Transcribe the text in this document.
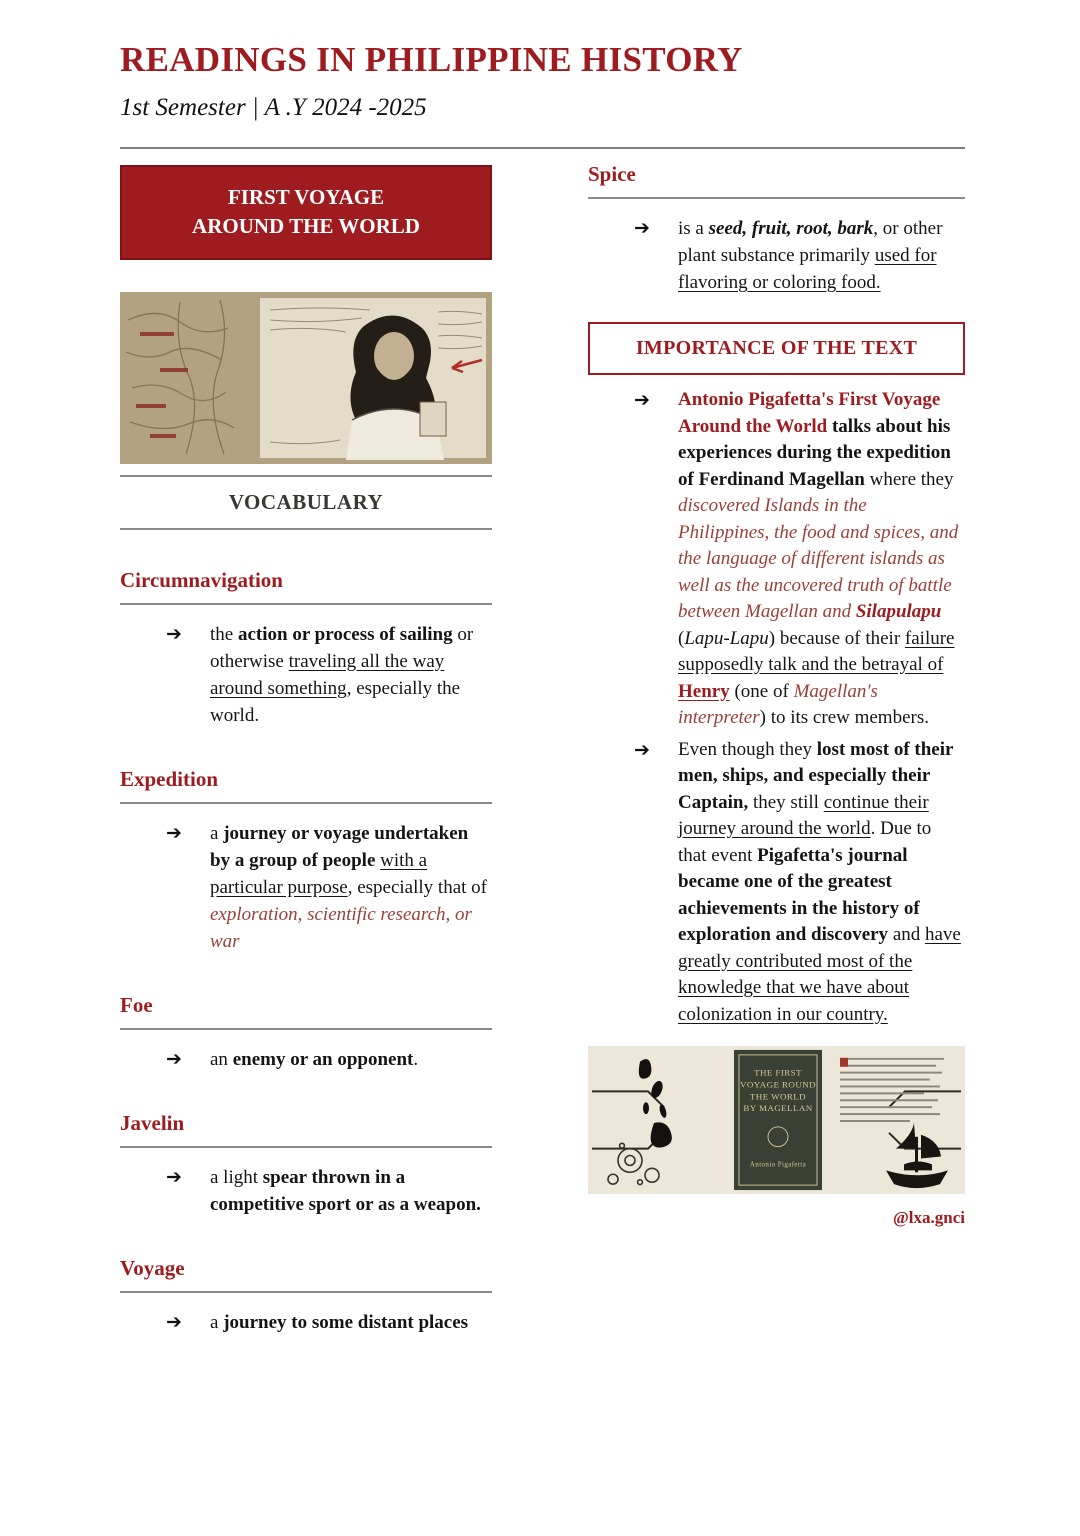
READINGS IN PHILIPPINE HISTORY
1st Semester | A .Y 2024 -2025
FIRST VOYAGE
AROUND THE WORLD
VOCABULARY
Circumnavigation
➔	the action or process of sailing or otherwise traveling all the way around something, especially the world.
Expedition
➔	a journey or voyage undertaken by a group of people with a particular purpose, especially that of exploration, scientific research, or war
Foe
➔	an enemy or an opponent.
Javelin
➔	a light spear thrown in a competitive sport or as a weapon.
Voyage
➔	a journey to some distant places
Spice
➔	is a seed, fruit, root, bark, or other plant substance primarily used for flavoring or coloring food.
IMPORTANCE OF THE TEXT
➔	Antonio Pigafetta's First Voyage Around the World talks about his experiences during the expedition of Ferdinand Magellan where they discovered Islands in the Philippines, the food and spices, and the language of different islands as well as the uncovered truth of battle between Magellan and Silapulapu (Lapu-Lapu) because of their failure supposedly talk and the betrayal of Henry (one of Magellan's interpreter) to its crew members.
➔	Even though they lost most of their men, ships, and especially their Captain, they still continue their journey around the world. Due to that event Pigafetta's journal became one of the greatest achievements in the history of exploration and discovery and have greatly contributed most of the knowledge that we have about colonization in our country.
THE FIRST
VOYAGE ROUND
THE WORLD
BY MAGELLAN
Antonio Pigafetta
@lxa.gnci
